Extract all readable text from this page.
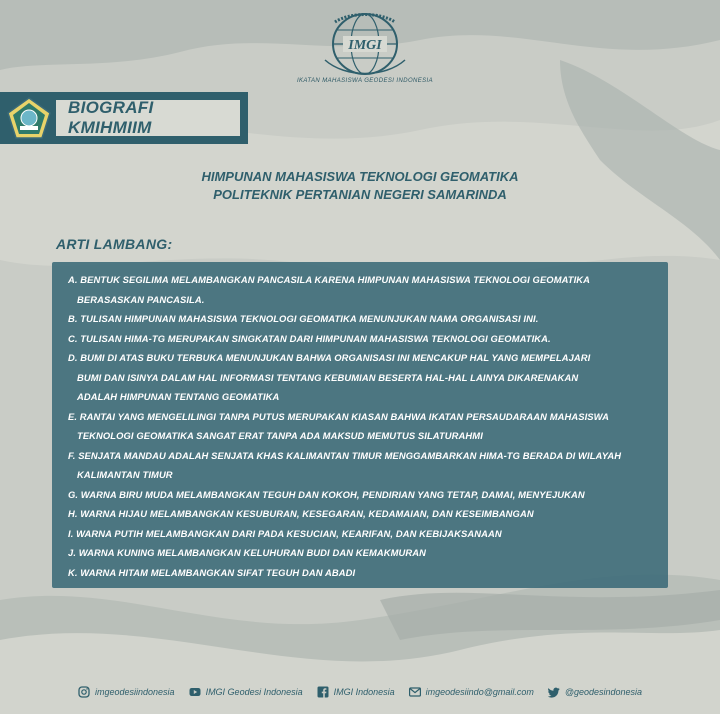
IMGI
IKATAN MAHASISWA GEODESI INDONESIA
BIOGRAFI KMIHMIIM
HIMPUNAN MAHASISWA TEKNOLOGI GEOMATIKA
POLITEKNIK PERTANIAN NEGERI SAMARINDA
ARTI LAMBANG:
A. BENTUK SEGILIMA MELAMBANGKAN PANCASILA KARENA HIMPUNAN MAHASISWA TEKNOLOGI GEOMATIKA
BERASASKAN PANCASILA.
B. TULISAN HIMPUNAN MAHASISWA TEKNOLOGI GEOMATIKA MENUNJUKAN NAMA ORGANISASI INI.
C. TULISAN HIMA-TG MERUPAKAN SINGKATAN DARI HIMPUNAN MAHASISWA TEKNOLOGI GEOMATIKA.
D. BUMI DI ATAS BUKU TERBUKA MENUNJUKAN BAHWA ORGANISASI INI MENCAKUP HAL YANG MEMPELAJARI
BUMI DAN ISINYA DALAM HAL INFORMASI TENTANG KEBUMIAN BESERTA HAL-HAL LAINYA DIKARENAKAN
ADALAH HIMPUNAN TENTANG GEOMATIKA
E. RANTAI YANG MENGELILINGI TANPA PUTUS MERUPAKAN KIASAN BAHWA IKATAN PERSAUDARAAN MAHASISWA
TEKNOLOGI GEOMATIKA SANGAT ERAT TANPA ADA MAKSUD MEMUTUS SILATURAHMI
F. SENJATA MANDAU ADALAH SENJATA KHAS KALIMANTAN TIMUR MENGGAMBARKAN HIMA-TG BERADA DI WILAYAH
KALIMANTAN TIMUR
G. WARNA BIRU MUDA MELAMBANGKAN TEGUH DAN KOKOH, PENDIRIAN YANG TETAP, DAMAI, MENYEJUKAN
H. WARNA HIJAU MELAMBANGKAN KESUBURAN, KESEGARAN, KEDAMAIAN, DAN KESEIMBANGAN
I. WARNA PUTIH MELAMBANGKAN DARI PADA KESUCIAN, KEARIFAN, DAN KEBIJAKSANAAN
J. WARNA KUNING MELAMBANGKAN KELUHURAN BUDI DAN KEMAKMURAN
K. WARNA HITAM MELAMBANGKAN SIFAT TEGUH DAN ABADI
imgeodesiindonesia	IMGI Geodesi Indonesia	IMGI Indonesia	imgeodesiindo@gmail.com	@geodesindonesia
